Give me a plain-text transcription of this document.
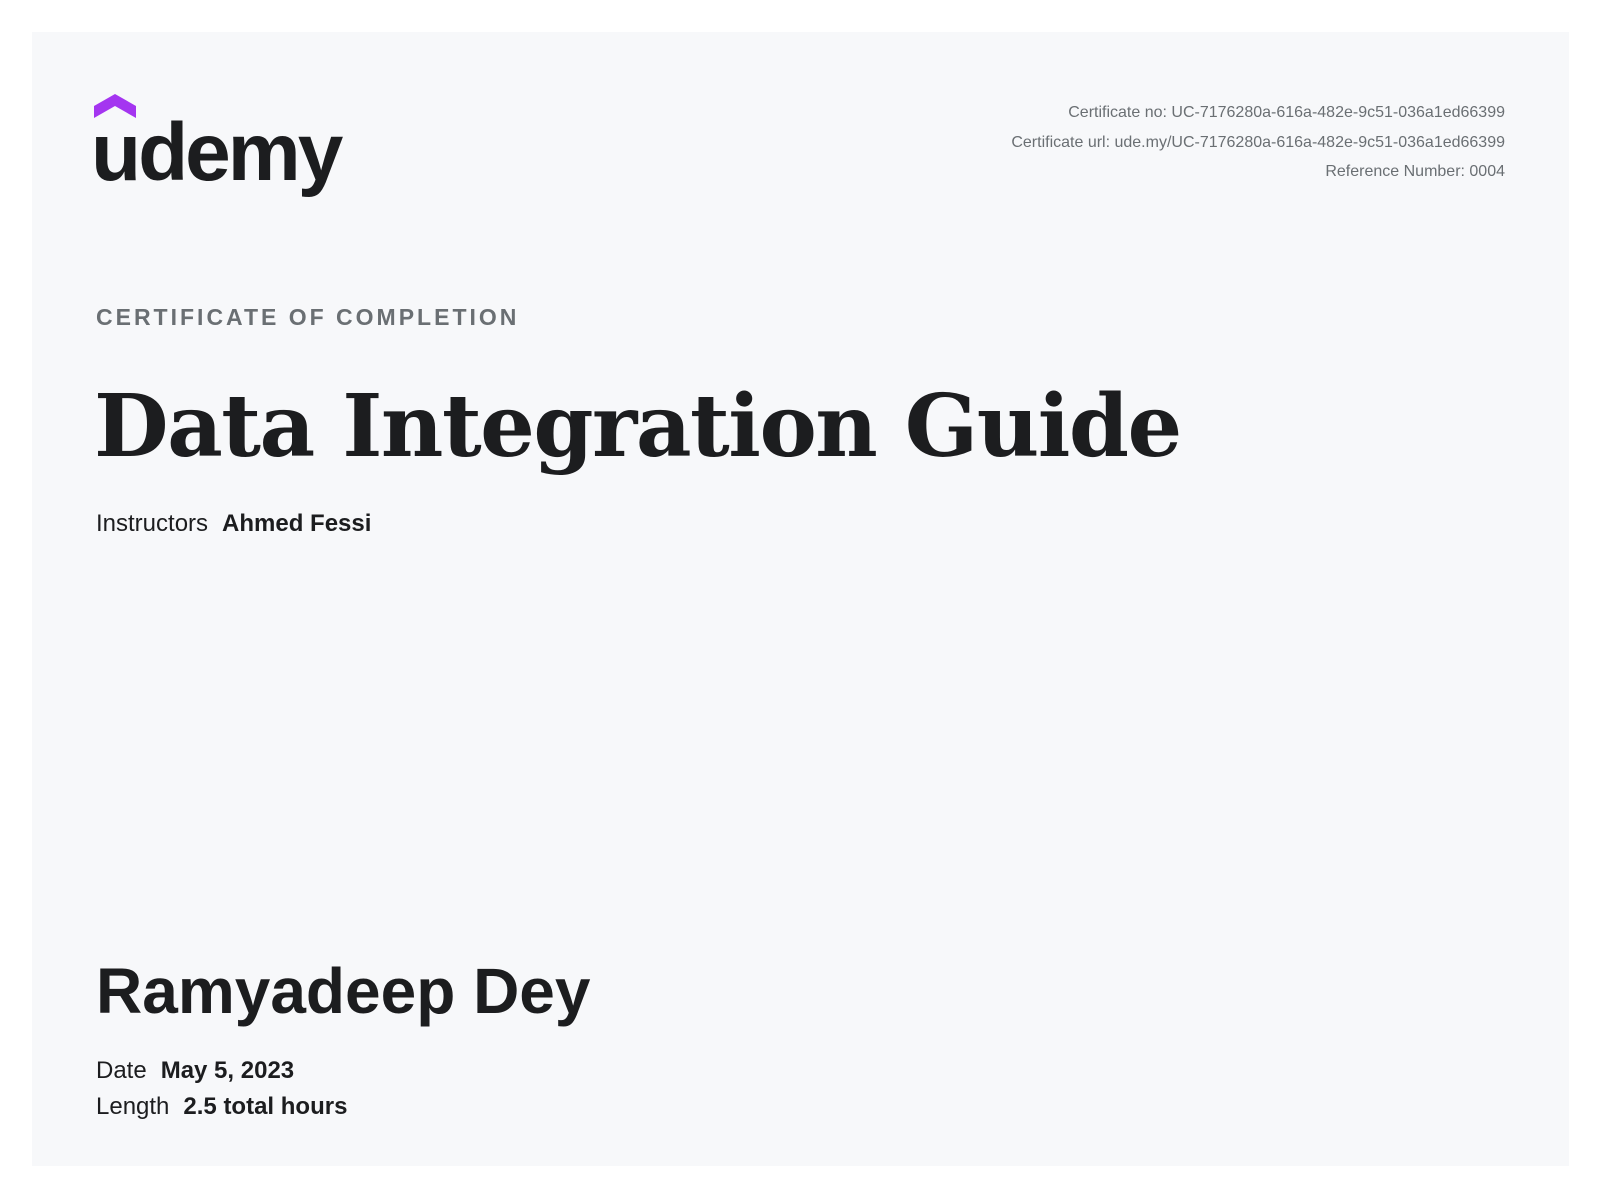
udemy	Certificate no: UC-7176280a-616a-482e-9c51-036a1ed66399
Certificate url: ude.my/UC-7176280a-616a-482e-9c51-036a1ed66399
Reference Number: 0004
CERTIFICATE OF COMPLETION
Data Integration Guide
Instructors Ahmed Fessi
Ramyadeep Dey
Date May 5, 2023
Length 2.5 total hours
